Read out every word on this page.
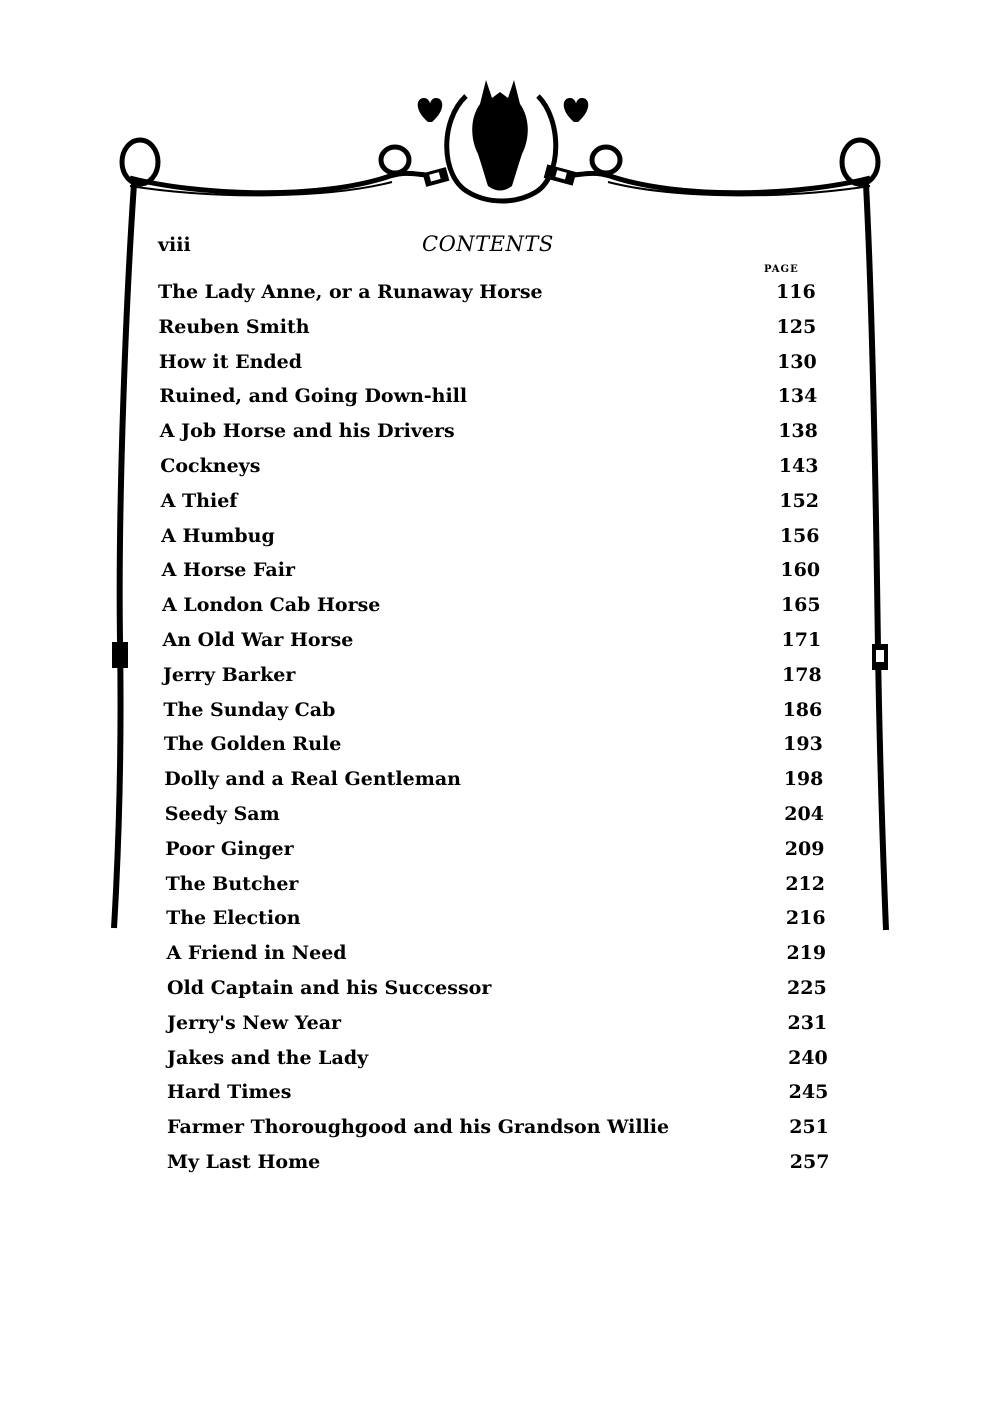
viii	CONTENTS
PAGE
The Lady Anne, or a Runaway Horse	116
Reuben Smith	125
How it Ended	130
Ruined, and Going Down-hill	134
A Job Horse and his Drivers	138
Cockneys	143
A Thief	152
A Humbug	156
A Horse Fair	160
A London Cab Horse	165
An Old War Horse	171
Jerry Barker	178
The Sunday Cab	186
The Golden Rule	193
Dolly and a Real Gentleman	198
Seedy Sam	204
Poor Ginger	209
The Butcher	212
The Election	216
A Friend in Need	219
Old Captain and his Successor	225
Jerry's New Year	231
Jakes and the Lady	240
Hard Times	245
Farmer Thoroughgood and his Grandson Willie	251
My Last Home	257
